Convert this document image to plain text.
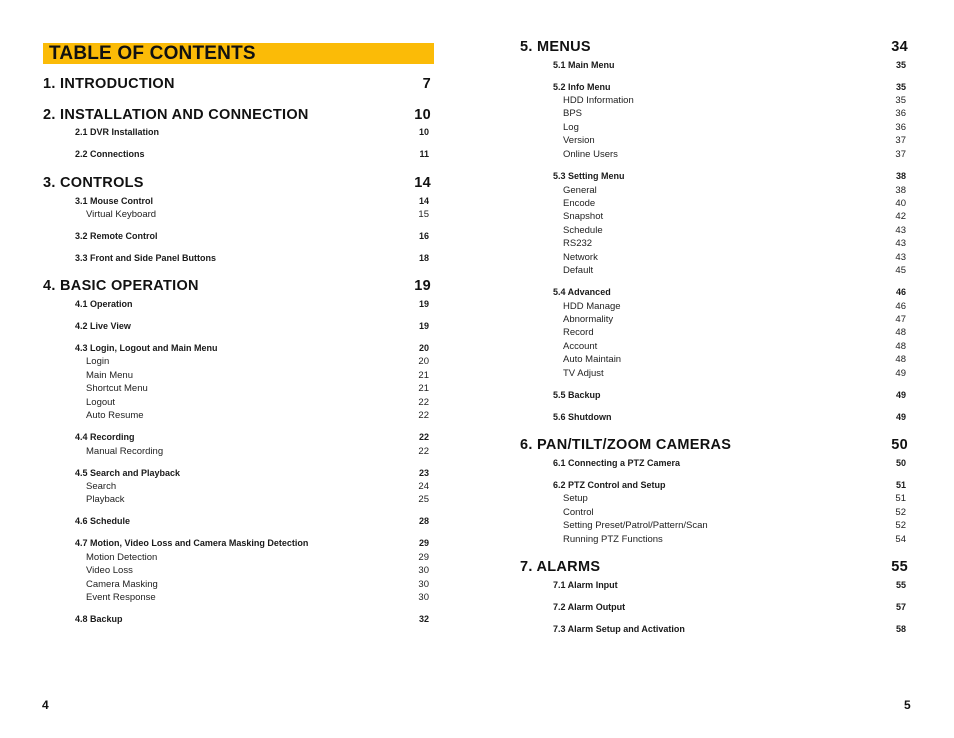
TABLE OF CONTENTS
1. INTRODUCTION	7
2. INSTALLATION AND CONNECTION	10
2.1 DVR Installation	10
2.2 Connections	11
3. CONTROLS	14
3.1 Mouse Control	14
Virtual Keyboard	15
3.2 Remote Control	16
3.3 Front and Side Panel Buttons	18
4. BASIC OPERATION	19
4.1 Operation	19
4.2 Live View	19
4.3 Login, Logout and Main Menu	20
Login	20
Main Menu	21
Shortcut Menu	21
Logout	22
Auto Resume	22
4.4 Recording	22
Manual Recording	22
4.5 Search and Playback	23
Search	24
Playback	25
4.6 Schedule	28
4.7 Motion, Video Loss and Camera Masking Detection	29
Motion Detection	29
Video Loss	30
Camera Masking	30
Event Response	30
4.8 Backup	32
4
5. MENUS	34
5.1 Main Menu	35
5.2 Info Menu	35
HDD Information	35
BPS	36
Log	36
Version	37
Online Users	37
5.3 Setting Menu	38
General	38
Encode	40
Snapshot	42
Schedule	43
RS232	43
Network	43
Default	45
5.4 Advanced	46
HDD Manage	46
Abnormality	47
Record	48
Account	48
Auto Maintain	48
TV Adjust	49
5.5 Backup	49
5.6 Shutdown	49
6. PAN/TILT/ZOOM CAMERAS	50
6.1 Connecting a PTZ Camera	50
6.2 PTZ Control and Setup	51
Setup	51
Control	52
Setting Preset/Patrol/Pattern/Scan	52
Running PTZ Functions	54
7. ALARMS	55
7.1 Alarm Input	55
7.2 Alarm Output	57
7.3 Alarm Setup and Activation	58
5
